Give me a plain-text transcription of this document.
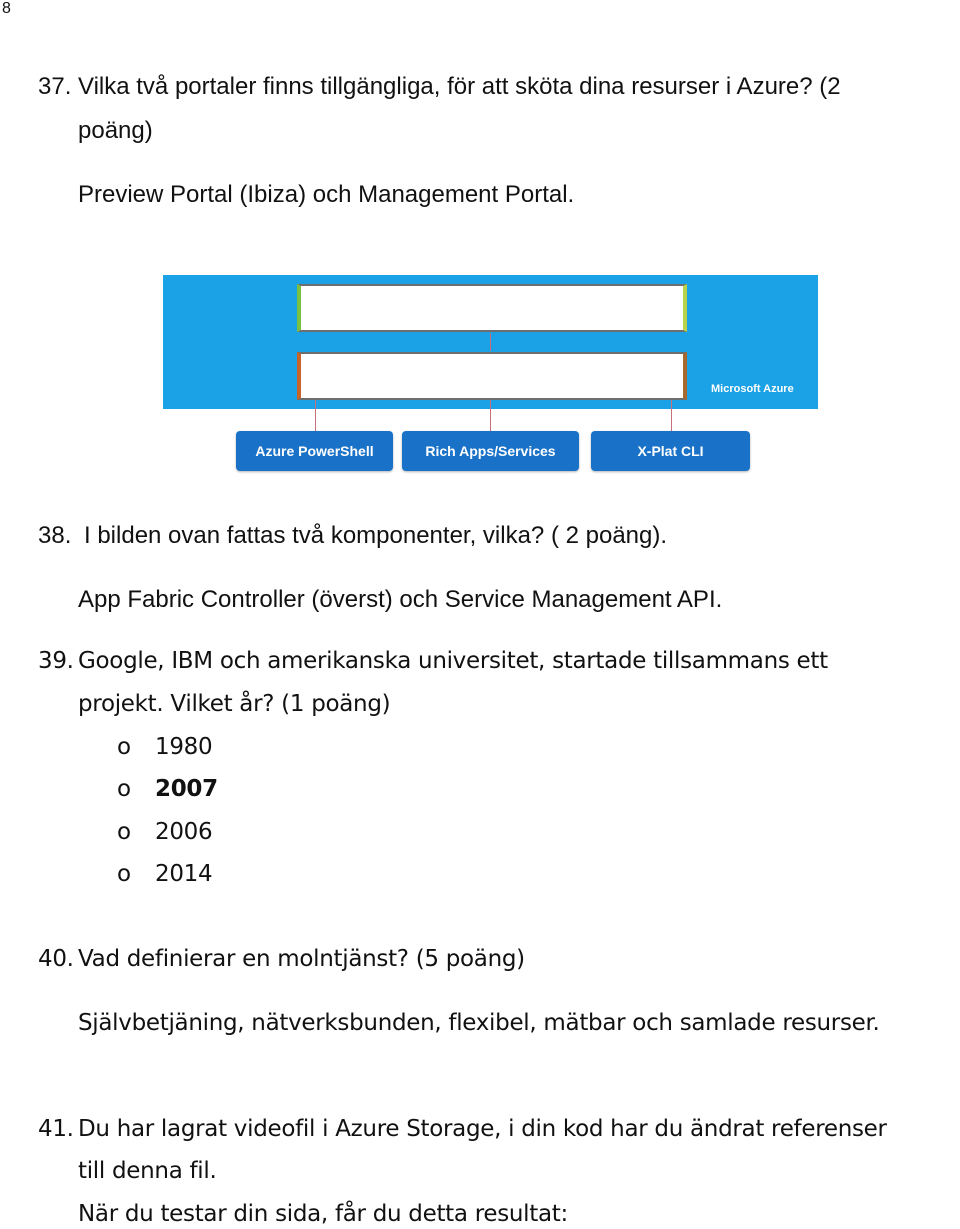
8
37. Vilka två portaler finns tillgängliga, för att sköta dina resurser i Azure? (2
poäng)
Preview Portal (Ibiza) och Management Portal.
Microsoft Azure
Azure PowerShell	Rich Apps/Services	X-Plat CLI
38. I bilden ovan fattas två komponenter, vilka? ( 2 poäng).
App Fabric Controller (överst) och Service Management API.
39. Google, IBM och amerikanska universitet, startade tillsammans ett
projekt. Vilket år? (1 poäng)
o 1980
o 2007
o 2006
o 2014
40. Vad definierar en molntjänst? (5 poäng)
Självbetjäning, nätverksbunden, flexibel, mätbar och samlade resurser.
41. Du har lagrat videofil i Azure Storage, i din kod har du ändrat referenser
till denna fil.
När du testar din sida, får du detta resultat:
